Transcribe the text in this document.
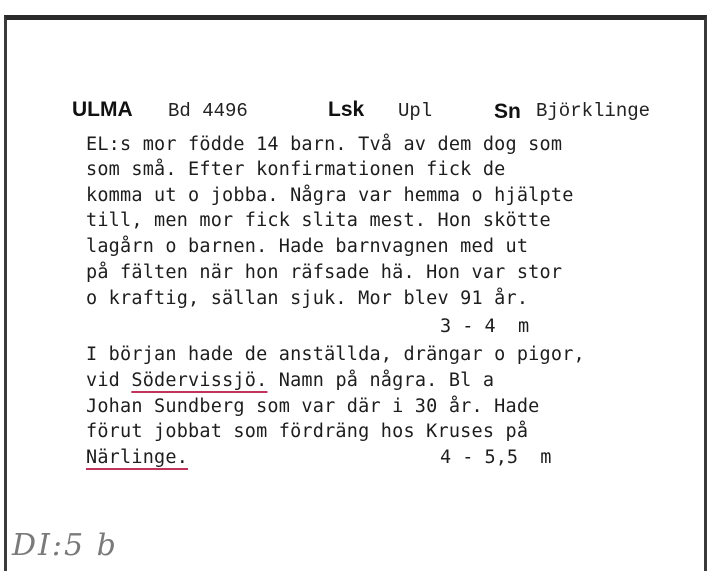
ULMA Bd 4496	Lsk Upl	Sn Björklinge
EL:s mor födde 14 barn. Två av dem dog som
som små. Efter konfirmationen fick de
komma ut o jobba. Några var hemma o hjälpte
till, men mor fick slita mest. Hon skötte
lagårn o barnen. Hade barnvagnen med ut
på fälten när hon räfsade hä. Hon var stor
o kraftig, sällan sjuk. Mor blev 91 år.
3 - 4  m
I början hade de anställda, drängar o pigor,
vid Södervissjö. Namn på några. Bl a
Johan Sundberg som var där i 30 år. Hade
förut jobbat som fördräng hos Kruses på
Närlinge.	4 - 5,5  m
DI:5 b
